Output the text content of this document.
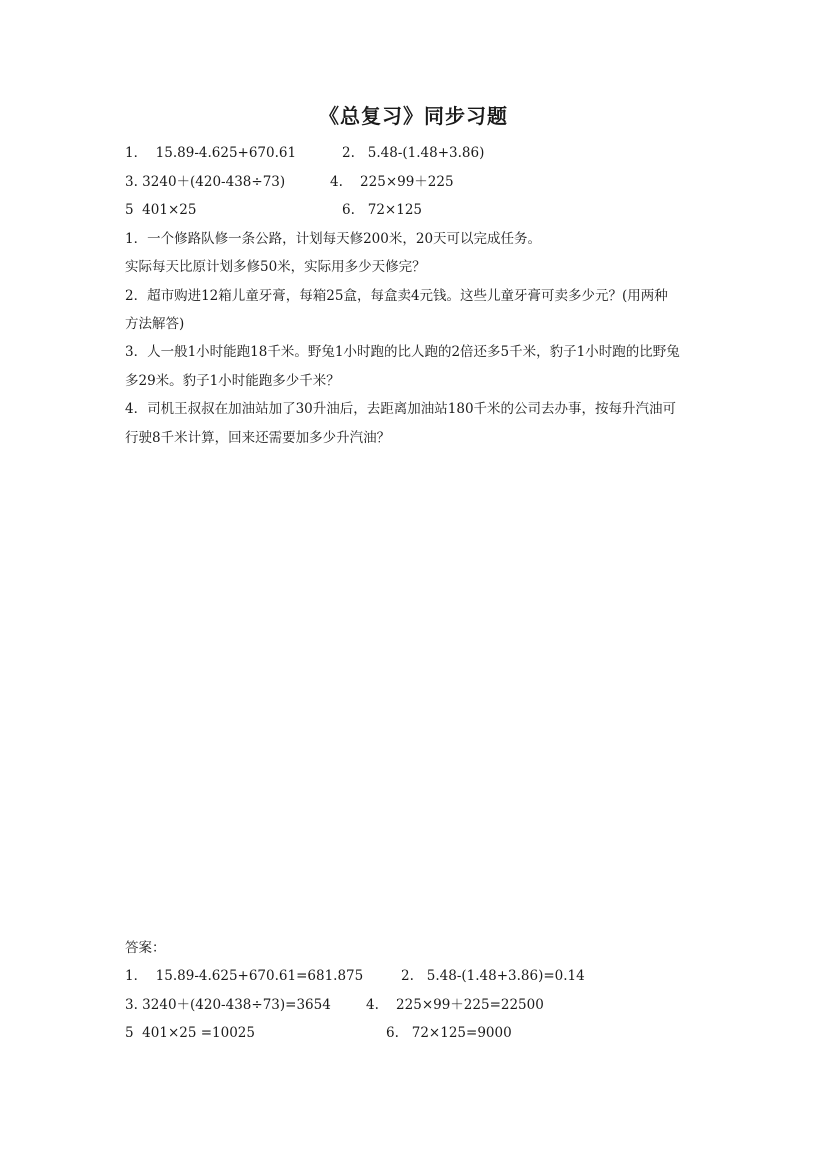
《总复习》同步习题
1．  15.89-4.625+670.61	2.   5.48-(1.48+3.86)
3. 3240＋(420-438÷73)	4.    225×99＋225
5  401×25	6.   72×125
1．一个修路队修一条公路，计划每天修200米，20天可以完成任务。
实际每天比原计划多修50米，实际用多少天修完？
2．超市购进12箱儿童牙膏，每箱25盒，每盒卖4元钱。这些儿童牙膏可卖多少元？(用两种
方法解答)
3．人一般1小时能跑18千米。野兔1小时跑的比人跑的2倍还多5千米，豹子1小时跑的比野兔
多29米。豹子1小时能跑多少千米？
4．司机王叔叔在加油站加了30升油后，去距离加油站180千米的公司去办事，按每升汽油可
行驶8千米计算，回来还需要加多少升汽油？
答案：
1．  15.89-4.625+670.61=681.875	2.   5.48-(1.48+3.86)=0.14
3. 3240＋(420-438÷73)=3654	4.    225×99＋225=22500
5  401×25 =10025	6.   72×125=9000
